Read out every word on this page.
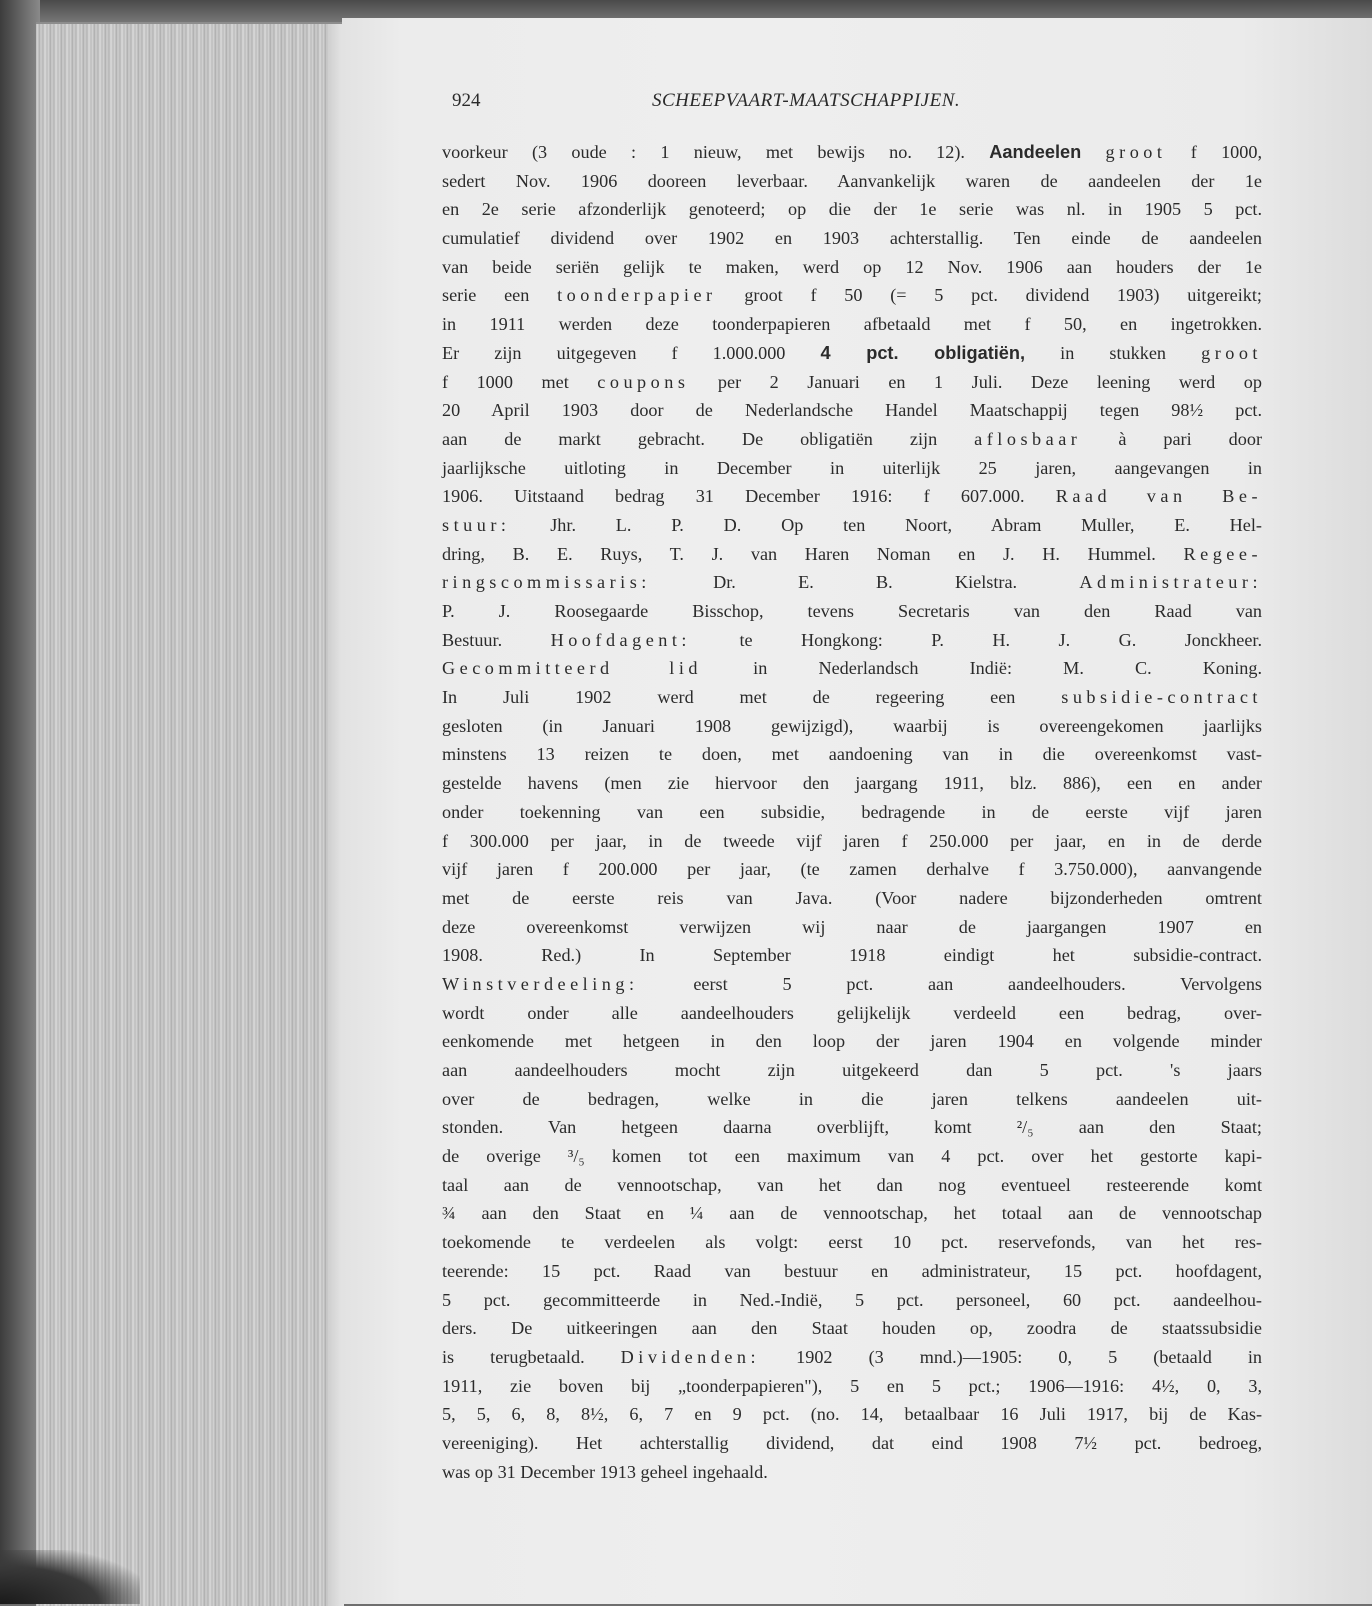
924	SCHEEPVAART-MAATSCHAPPIJEN.
voorkeur (3 oude : 1 nieuw, met bewijs no. 12). Aandeelen groot f 1000,
sedert Nov. 1906 dooreen leverbaar. Aanvankelijk waren de aandeelen der 1e
en 2e serie afzonderlijk genoteerd; op die der 1e serie was nl. in 1905 5 pct.
cumulatief dividend over 1902 en 1903 achterstallig. Ten einde de aandeelen
van beide seriën gelijk te maken, werd op 12 Nov. 1906 aan houders der 1e
serie een toonderpapier groot f 50 (= 5 pct. dividend 1903) uitgereikt;
in 1911 werden deze toonderpapieren afbetaald met f 50, en ingetrokken.
Er zijn uitgegeven f 1.000.000 4 pct. obligatiën, in stukken groot
f 1000 met coupons per 2 Januari en 1 Juli. Deze leening werd op
20 April 1903 door de Nederlandsche Handel Maatschappij tegen 98½ pct.
aan de markt gebracht. De obligatiën zijn aflosbaar à pari door
jaarlijksche uitloting in December in uiterlijk 25 jaren, aangevangen in
1906. Uitstaand bedrag 31 December 1916: f 607.000. Raad van Be-
stuur: Jhr. L. P. D. Op ten Noort, Abram Muller, E. Hel-
dring, B. E. Ruys, T. J. van Haren Noman en J. H. Hummel. Regee-
ringscommissaris: Dr. E. B. Kielstra. Administrateur:
P. J. Roosegaarde Bisschop, tevens Secretaris van den Raad van
Bestuur. Hoofdagent: te Hongkong: P. H. J. G. Jonckheer.
Gecommitteerd lid in Nederlandsch Indië: M. C. Koning.
In Juli 1902 werd met de regeering een subsidie-contract
gesloten (in Januari 1908 gewijzigd), waarbij is overeengekomen jaarlijks
minstens 13 reizen te doen, met aandoening van in die overeenkomst vast-
gestelde havens (men zie hiervoor den jaargang 1911, blz. 886), een en ander
onder toekenning van een subsidie, bedragende in de eerste vijf jaren
f 300.000 per jaar, in de tweede vijf jaren f 250.000 per jaar, en in de derde
vijf jaren f 200.000 per jaar, (te zamen derhalve f 3.750.000), aanvangende
met de eerste reis van Java. (Voor nadere bijzonderheden omtrent
deze overeenkomst verwijzen wij naar de jaargangen 1907 en
1908. Red.) In September 1918 eindigt het subsidie-contract.
Winstverdeeling: eerst 5 pct. aan aandeelhouders. Vervolgens
wordt onder alle aandeelhouders gelijkelijk verdeeld een bedrag, over-
eenkomende met hetgeen in den loop der jaren 1904 en volgende minder
aan aandeelhouders mocht zijn uitgekeerd dan 5 pct. 's jaars
over de bedragen, welke in die jaren telkens aandeelen uit-
stonden. Van hetgeen daarna overblijft, komt ²/₅ aan den Staat;
de overige ³/₅ komen tot een maximum van 4 pct. over het gestorte kapi-
taal aan de vennootschap, van het dan nog eventueel resteerende komt
¾ aan den Staat en ¼ aan de vennootschap, het totaal aan de vennootschap
toekomende te verdeelen als volgt: eerst 10 pct. reservefonds, van het res-
teerende: 15 pct. Raad van bestuur en administrateur, 15 pct. hoofdagent,
5 pct. gecommitteerde in Ned.-Indië, 5 pct. personeel, 60 pct. aandeelhou-
ders. De uitkeeringen aan den Staat houden op, zoodra de staatssubsidie
is terugbetaald. Dividenden: 1902 (3 mnd.)—1905: 0, 5 (betaald in
1911, zie boven bij „toonderpapieren"), 5 en 5 pct.; 1906—1916: 4½, 0, 3,
5, 5, 6, 8, 8½, 6, 7 en 9 pct. (no. 14, betaalbaar 16 Juli 1917, bij de Kas-
vereeniging). Het achterstallig dividend, dat eind 1908 7½ pct. bedroeg,
was op 31 December 1913 geheel ingehaald.
